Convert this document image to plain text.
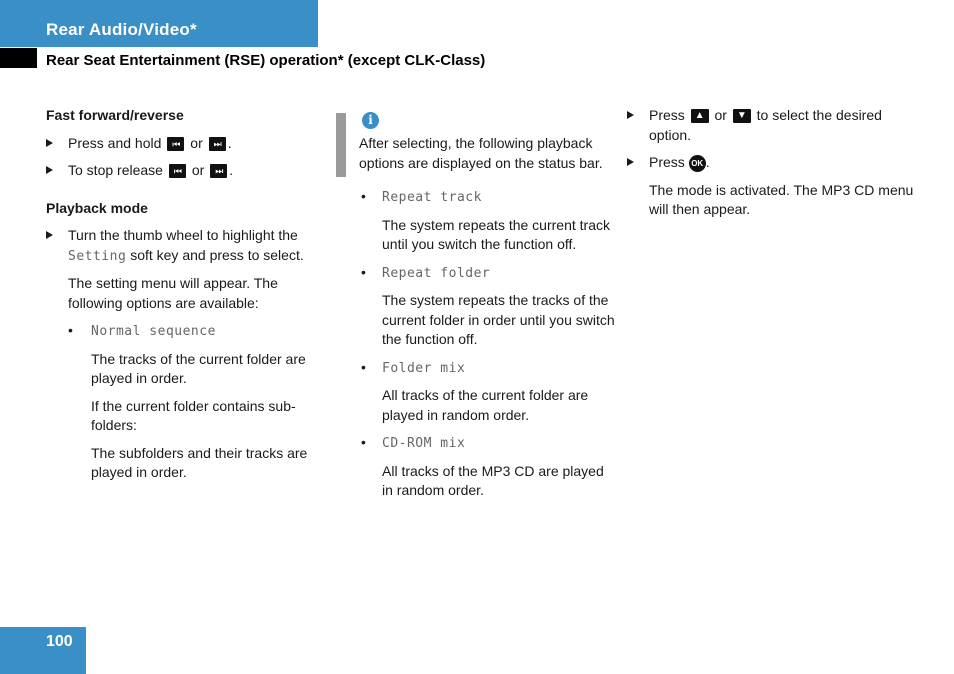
Rear Audio/Video*
Rear Seat Entertainment (RSE) operation* (except CLK-Class)
Fast forward/reverse
Press and hold ⏮ or ⏭ .
To stop release ⏮ or ⏭ .
Playback mode
Turn the thumb wheel to highlight the Setting soft key and press to select.
The setting menu will appear. The following options are available:
• Normal sequence
The tracks of the current folder are played in order.
If the current folder contains sub-folders:
The subfolders and their tracks are played in order.
i
After selecting, the following playback options are displayed on the status bar.
• Repeat track
The system repeats the current track until you switch the function off.
• Repeat folder
The system repeats the tracks of the current folder in order until you switch the function off.
• Folder mix
All tracks of the current folder are played in random order.
• CD-ROM mix
All tracks of the MP3 CD are played in random order.
Press ▲ or ▼ to select the desired option.
Press OK .
The mode is activated. The MP3 CD menu will then appear.
100
